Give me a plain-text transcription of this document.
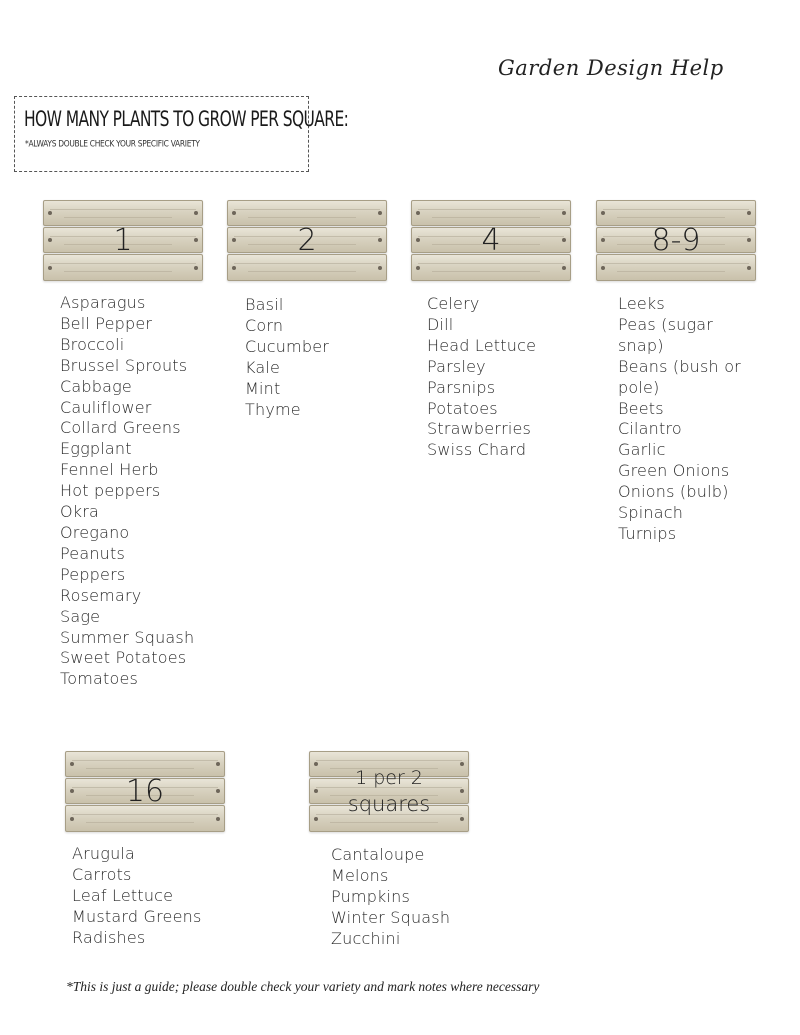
Garden Design Help
HOW MANY PLANTS TO GROW PER SQUARE:
*ALWAYS DOUBLE CHECK YOUR SPECIFIC VARIETY
1
Asparagus
Bell Pepper
Broccoli
Brussel Sprouts
Cabbage
Cauliflower
Collard Greens
Eggplant
Fennel Herb
Hot peppers
Okra
Oregano
Peanuts
Peppers
Rosemary
Sage
Summer Squash
Sweet Potatoes
Tomatoes
2
Basil
Corn
Cucumber
Kale
Mint
Thyme
4
Celery
Dill
Head Lettuce
Parsley
Parsnips
Potatoes
Strawberries
Swiss Chard
8-9
Leeks
Peas (sugar snap)
Beans (bush or pole)
Beets
Cilantro
Garlic
Green Onions
Onions (bulb)
Spinach
Turnips
16
Arugula
Carrots
Leaf Lettuce
Mustard Greens
Radishes
1 per 2
squares
Cantaloupe
Melons
Pumpkins
Winter Squash
Zucchini
*This is just a guide; please double check your variety and mark notes where necessary
